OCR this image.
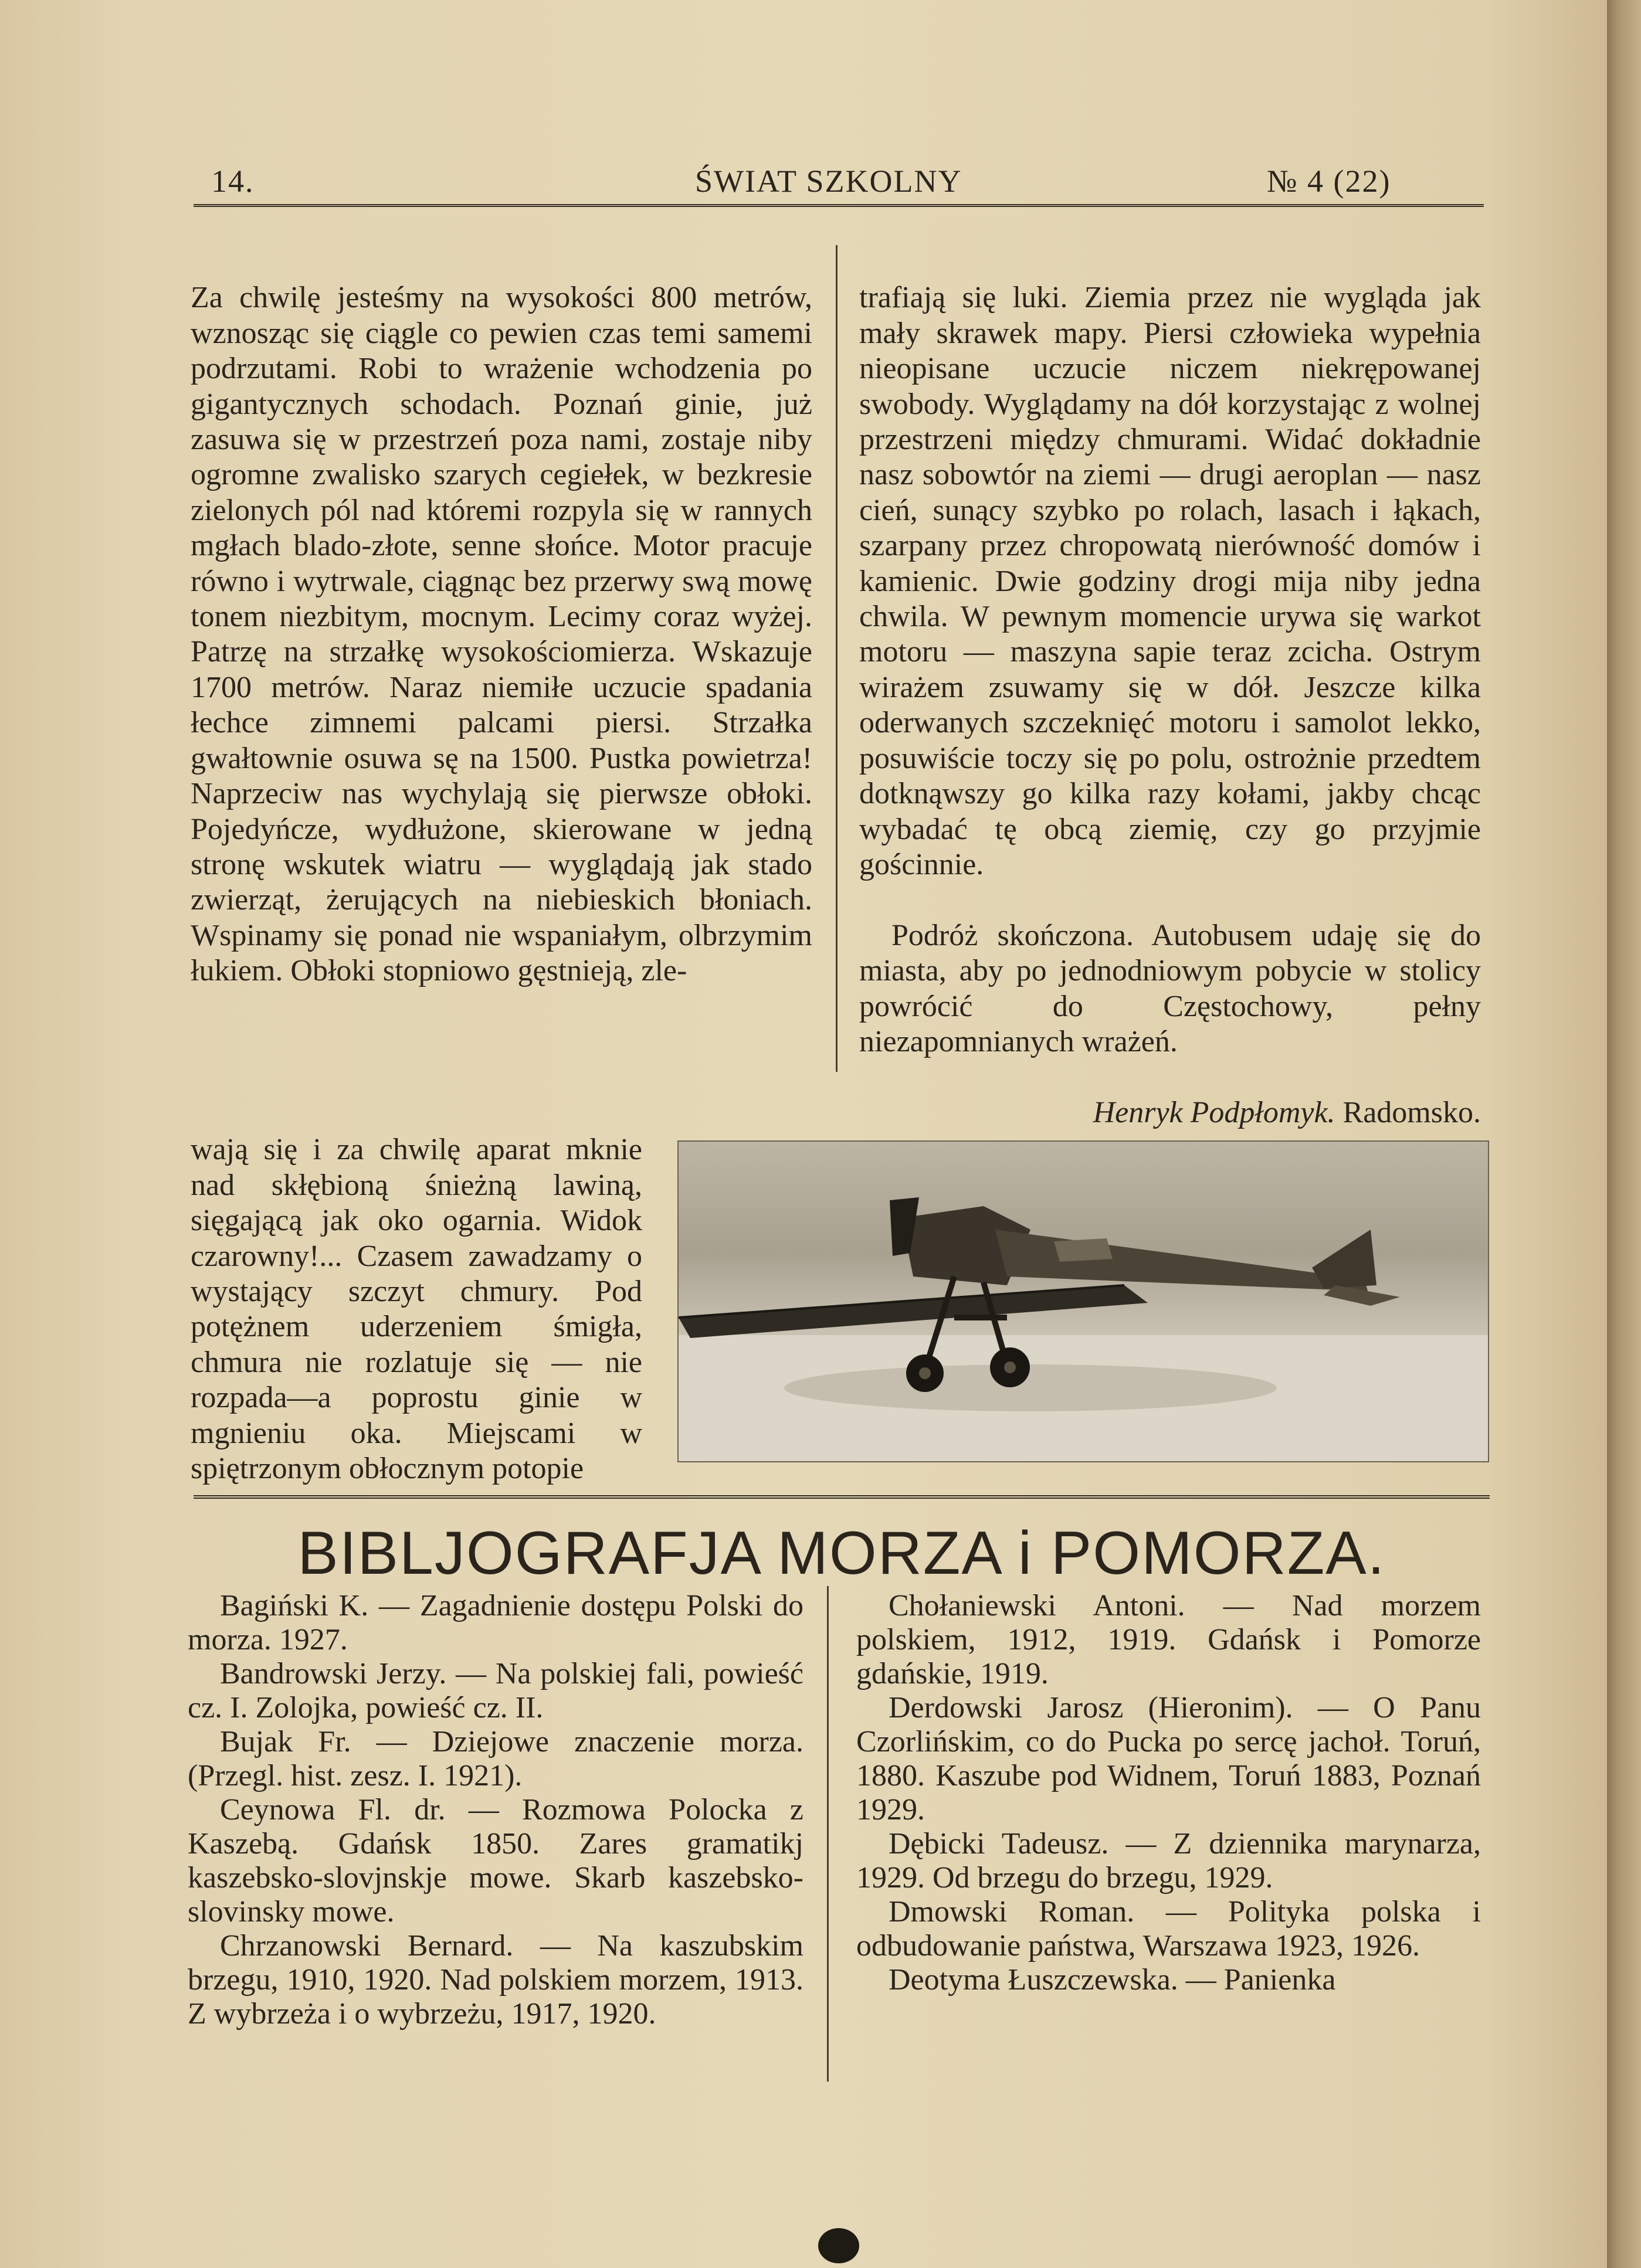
14.	ŚWIAT SZKOLNY	№ 4 (22)

Za chwilę jesteśmy na wysokości 800 metrów, wznosząc się ciągle co pewien czas temi samemi podrzutami. Robi to wrażenie wchodzenia po gigantycznych schodach. Poznań ginie, już zasuwa się w przestrzeń poza nami, zostaje niby ogromne zwalisko szarych cegiełek, w bezkresie zielonych pól nad któremi rozpyla się w rannych mgłach blado-złote, senne słońce. Motor pracuje równo i wytrwale, ciągnąc bez przerwy swą mowę tonem niezbitym, mocnym. Lecimy coraz wyżej. Patrzę na strzałkę wysokościomierza. Wskazuje 1700 metrów. Naraz niemiłe uczucie spadania łechce zimnemi palcami piersi. Strzałka gwałtownie osuwa sę na 1500. Pustka powietrza! Naprzeciw nas wychylają się pierwsze obłoki. Pojedyńcze, wydłużone, skierowane w jedną stronę wskutek wiatru — wyglądają jak stado zwierząt, żerujących na niebieskich błoniach. Wspinamy się ponad nie wspaniałym, olbrzymim łukiem. Obłoki stopniowo gęstnieją, zle-

wają się i za chwilę aparat mknie nad skłębioną śnieżną lawiną, sięgającą jak oko ogarnia. Widok czarowny!... Czasem zawadzamy o wystający szczyt chmury. Pod potężnem uderzeniem śmigła, chmura nie rozlatuje się — nie rozpada—a poprostu ginie w mgnieniu oka. Miejscami w spiętrzonym obłocznym potopie

trafiają się luki. Ziemia przez nie wygląda jak mały skrawek mapy. Piersi człowieka wypełnia nieopisane uczucie niczem niekrępowanej swobody. Wyglądamy na dół korzystając z wolnej przestrzeni między chmurami. Widać dokładnie nasz sobowtór na ziemi — drugi aeroplan — nasz cień, sunący szybko po rolach, lasach i łąkach, szarpany przez chropowatą nierówność domów i kamienic. Dwie godziny drogi mija niby jedna chwila. W pewnym momencie urywa się warkot motoru — maszyna sapie teraz zcicha. Ostrym wirażem zsuwamy się w dół. Jeszcze kilka oderwanych szczeknięć motoru i samolot lekko, posuwiście toczy się po polu, ostrożnie przedtem dotknąwszy go kilka razy kołami, jakby chcąc wybadać tę obcą ziemię, czy go przyjmie gościnnie.

Podróż skończona. Autobusem udaję się do miasta, aby po jednodniowym pobycie w stolicy powrócić do Częstochowy, pełny niezapomnianych wrażeń.

Henryk Podpłomyk. Radomsko.

BIBLJOGRAFJA MORZA i POMORZA.

Bagiński K. — Zagadnienie dostępu Polski do morza. 1927.

Bandrowski Jerzy. — Na polskiej fali, powieść cz. I. Zolojka, powieść cz. II.

Bujak Fr. — Dziejowe znaczenie morza. (Przegl. hist. zesz. I. 1921).

Ceynowa Fl. dr. — Rozmowa Polocka z Kaszebą. Gdańsk 1850. Zares gramatikj kaszebsko-slovjnskje mowe. Skarb kaszebsko-slovinsky mowe.

Chrzanowski Bernard. — Na kaszubskim brzegu, 1910, 1920. Nad polskiem morzem, 1913. Z wybrzeża i o wybrzeżu, 1917, 1920.

Chołaniewski Antoni. — Nad morzem polskiem, 1912, 1919. Gdańsk i Pomorze gdańskie, 1919.

Derdowski Jarosz (Hieronim). — O Panu Czorlińskim, co do Pucka po sercę jachoł. Toruń, 1880. Kaszube pod Widnem, Toruń 1883, Poznań 1929.

Dębicki Tadeusz. — Z dziennika marynarza, 1929. Od brzegu do brzegu, 1929.

Dmowski Roman. — Polityka polska i odbudowanie państwa, Warszawa 1923, 1926.

Deotyma Łuszczewska. — Panienka
